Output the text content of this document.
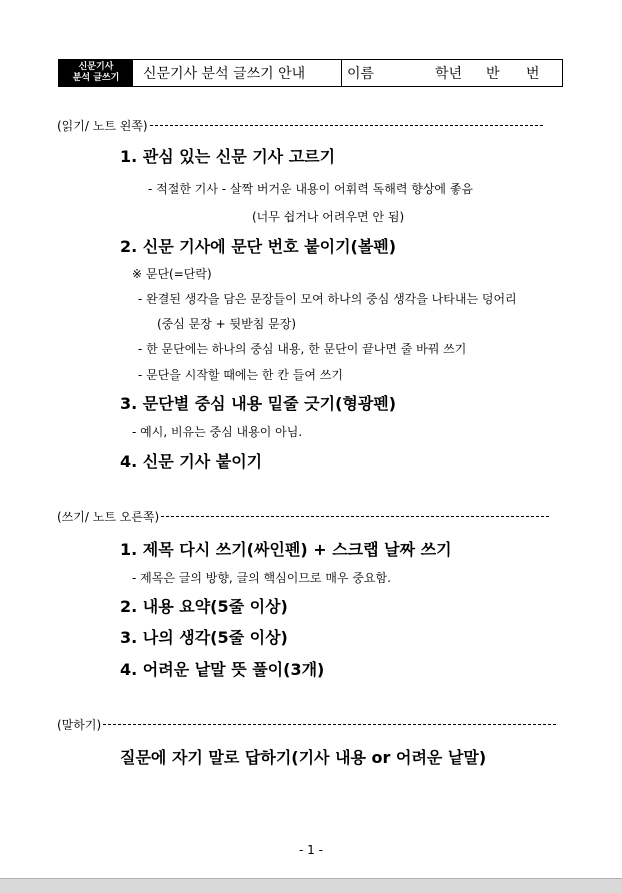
신문기사
분석 글쓰기	신문기사 분석 글쓰기 안내	이름	학년 반 번
(읽기/ 노트 왼쪽)
1. 관심 있는 신문 기사 고르기
- 적절한 기사 - 살짝 버거운 내용이 어휘력 독해력 향상에 좋음
(너무 쉽거나 어려우면 안 됨)
2. 신문 기사에 문단 번호 붙이기(볼펜)
※ 문단(=단락)
- 완결된 생각을 담은 문장들이 모여 하나의 중심 생각을 나타내는 덩어리
(중심 문장 + 뒷받침 문장)
- 한 문단에는 하나의 중심 내용, 한 문단이 끝나면 줄 바꿔 쓰기
- 문단을 시작할 때에는 한 칸 들여 쓰기
3. 문단별 중심 내용 밑줄 긋기(형광펜)
- 예시, 비유는 중심 내용이 아님.
4. 신문 기사 붙이기
(쓰기/ 노트 오른쪽)
1. 제목 다시 쓰기(싸인펜) + 스크랩 날짜 쓰기
- 제목은 글의 방향, 글의 핵심이므로 매우 중요함.
2. 내용 요약(5줄 이상)
3. 나의 생각(5줄 이상)
4. 어려운 낱말 뜻 풀이(3개)
(말하기)
질문에 자기 말로 답하기(기사 내용 or 어려운 낱말)
- 1 -
